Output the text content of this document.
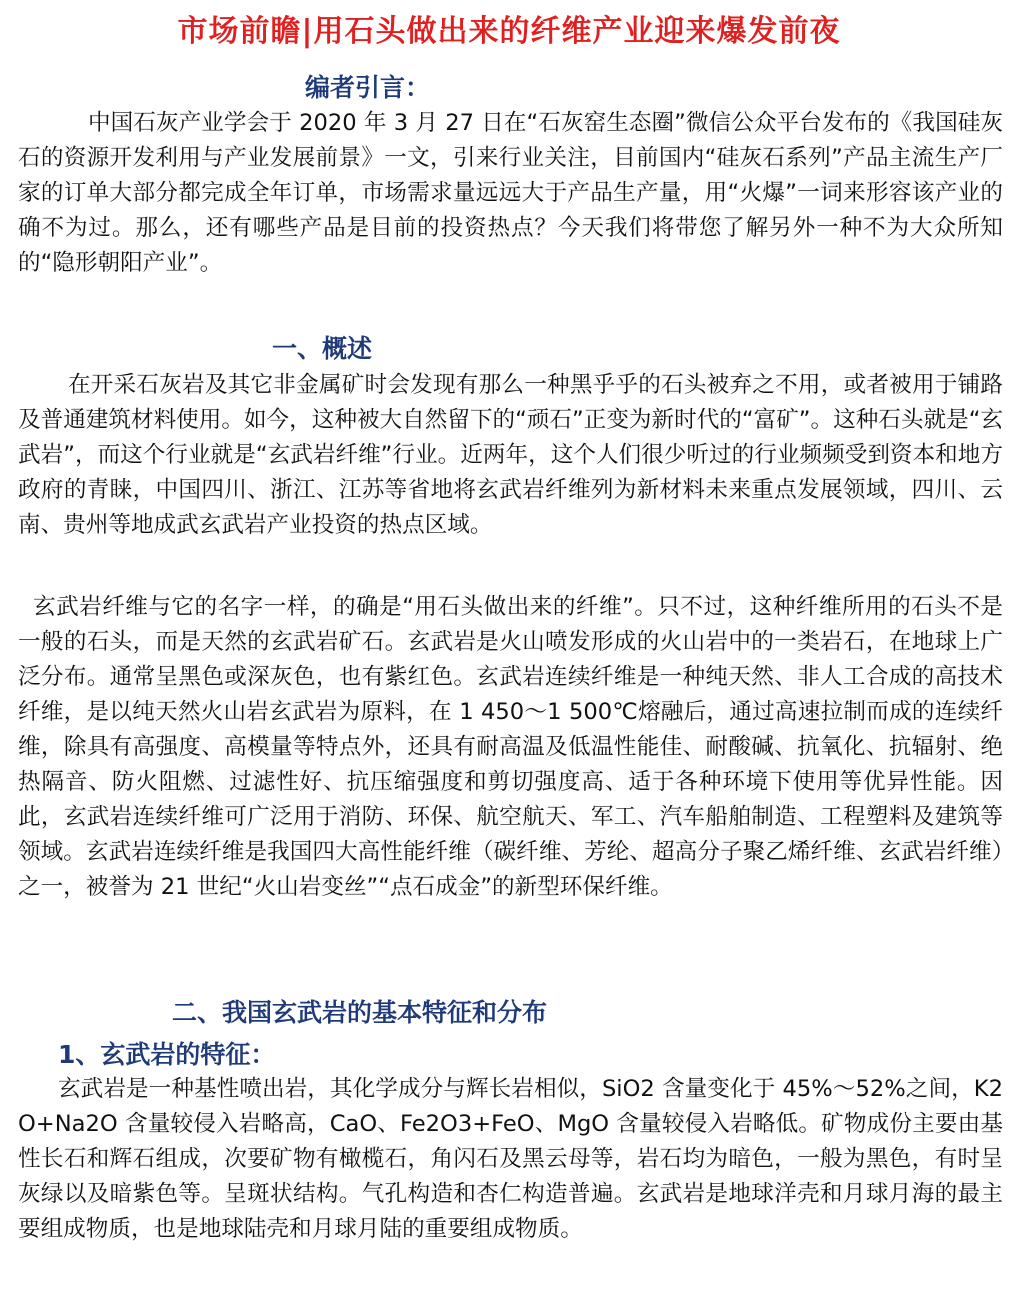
市场前瞻|用石头做出来的纤维产业迎来爆发前夜
编者引言：
中国石灰产业学会于 2020 年 3 月 27 日在“石灰窑生态圈”微信公众平台发布的《我国硅灰石的资源开发利用与产业发展前景》一文，引来行业关注，目前国内“硅灰石系列”产品主流生产厂家的订单大部分都完成全年订单，市场需求量远远大于产品生产量，用“火爆”一词来形容该产业的确不为过。那么，还有哪些产品是目前的投资热点？今天我们将带您了解另外一种不为大众所知的“隐形朝阳产业”。
一、概述
在开采石灰岩及其它非金属矿时会发现有那么一种黑乎乎的石头被弃之不用，或者被用于铺路及普通建筑材料使用。如今，这种被大自然留下的“顽石”正变为新时代的“富矿”。这种石头就是“玄武岩”，而这个行业就是“玄武岩纤维”行业。近两年，这个人们很少听过的行业频频受到资本和地方政府的青睐，中国四川、浙江、江苏等省地将玄武岩纤维列为新材料未来重点发展领域，四川、云南、贵州等地成武玄武岩产业投资的热点区域。
玄武岩纤维与它的名字一样，的确是“用石头做出来的纤维”。只不过，这种纤维所用的石头不是一般的石头，而是天然的玄武岩矿石。玄武岩是火山喷发形成的火山岩中的一类岩石，在地球上广泛分布。通常呈黑色或深灰色，也有紫红色。玄武岩连续纤维是一种纯天然、非人工合成的高技术纤维，是以纯天然火山岩玄武岩为原料，在 1 450～1 500℃熔融后，通过高速拉制而成的连续纤维，除具有高强度、高模量等特点外，还具有耐高温及低温性能佳、耐酸碱、抗氧化、抗辐射、绝热隔音、防火阻燃、过滤性好、抗压缩强度和剪切强度高、适于各种环境下使用等优异性能。因此，玄武岩连续纤维可广泛用于消防、环保、航空航天、军工、汽车船舶制造、工程塑料及建筑等领域。玄武岩连续纤维是我国四大高性能纤维（碳纤维、芳纶、超高分子聚乙烯纤维、玄武岩纤维）之一，被誉为 21 世纪“火山岩变丝”“点石成金”的新型环保纤维。
二、我国玄武岩的基本特征和分布
1、玄武岩的特征：
玄武岩是一种基性喷出岩，其化学成分与辉长岩相似，SiO2 含量变化于 45%～52%之间，K2O+Na2O 含量较侵入岩略高，CaO、Fe2O3+FeO、MgO 含量较侵入岩略低。矿物成份主要由基性长石和辉石组成，次要矿物有橄榄石，角闪石及黑云母等，岩石均为暗色，一般为黑色，有时呈灰绿以及暗紫色等。呈斑状结构。气孔构造和杏仁构造普遍。玄武岩是地球洋壳和月球月海的最主要组成物质，也是地球陆壳和月球月陆的重要组成物质。
